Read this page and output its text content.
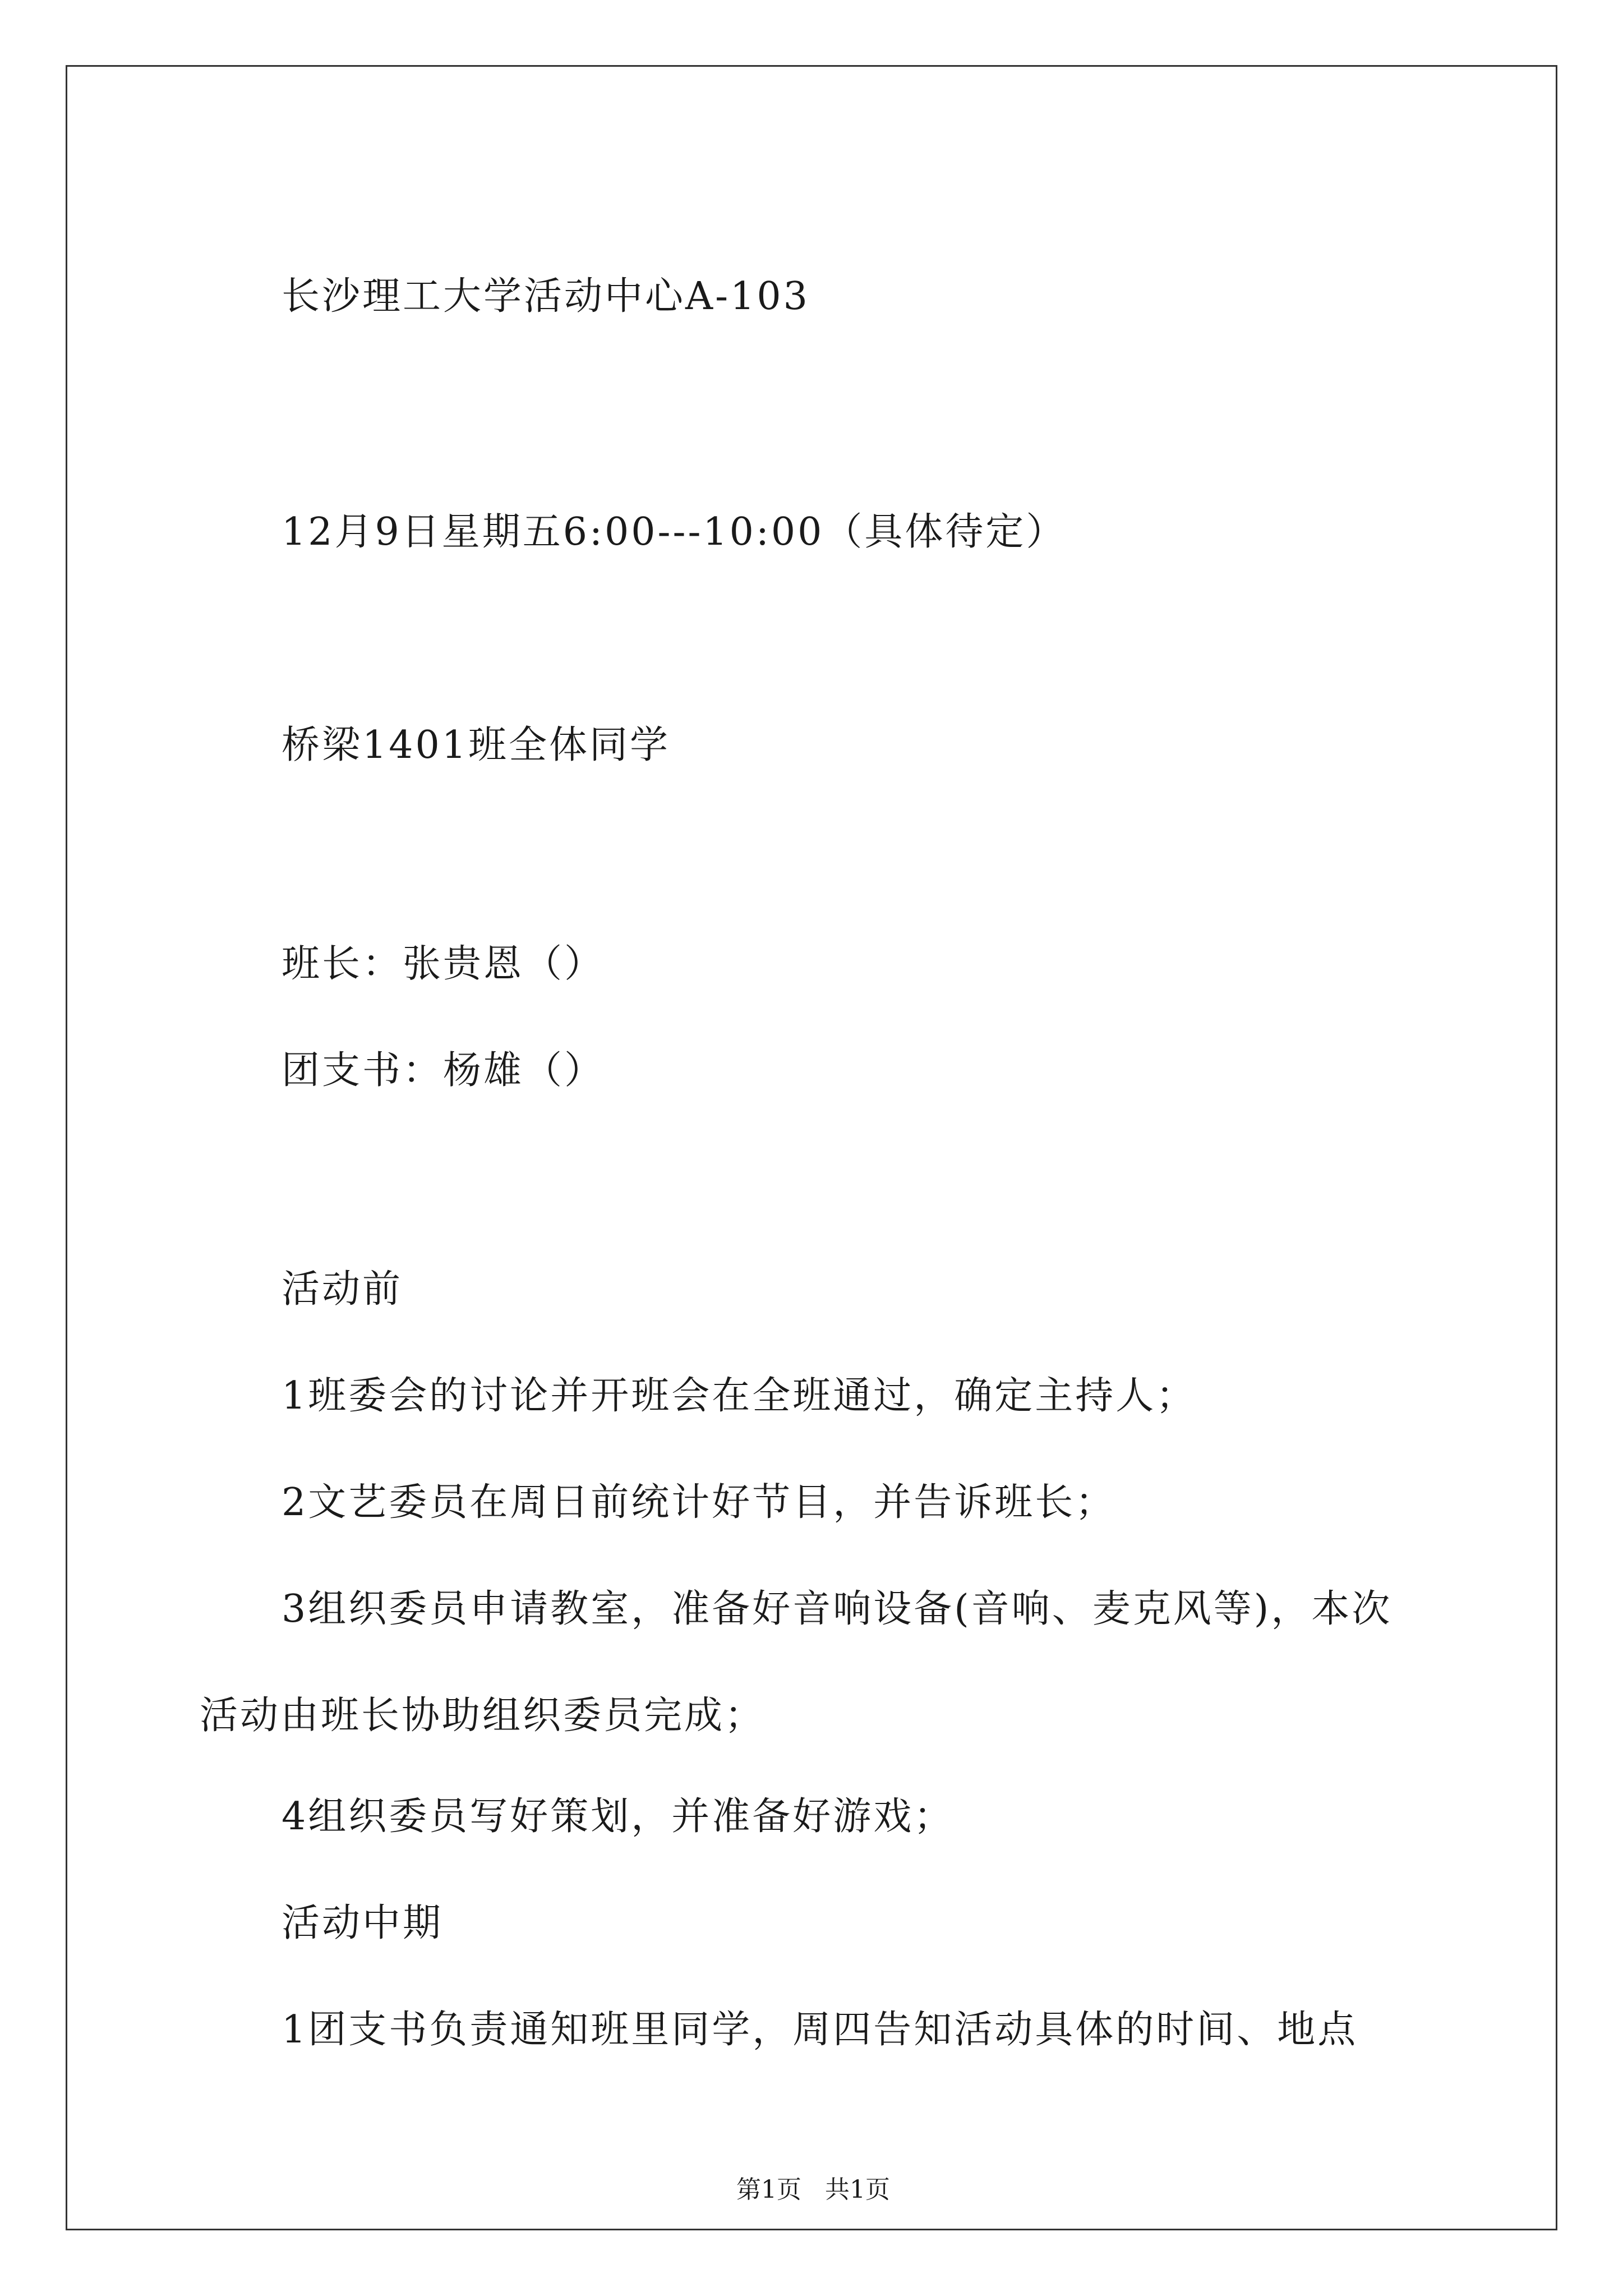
长沙理工大学活动中心A-103
12月9日星期五6:00---10:00（具体待定）
桥梁1401班全体同学
班长：张贵恩（）
团支书：杨雄（）
活动前
1班委会的讨论并开班会在全班通过，确定主持人；
2文艺委员在周日前统计好节目，并告诉班长；
3组织委员申请教室，准备好音响设备(音响、麦克风等)，本次
活动由班长协助组织委员完成；
4组织委员写好策划，并准备好游戏；
活动中期
1团支书负责通知班里同学，周四告知活动具体的时间、地点
第1页   共1页
